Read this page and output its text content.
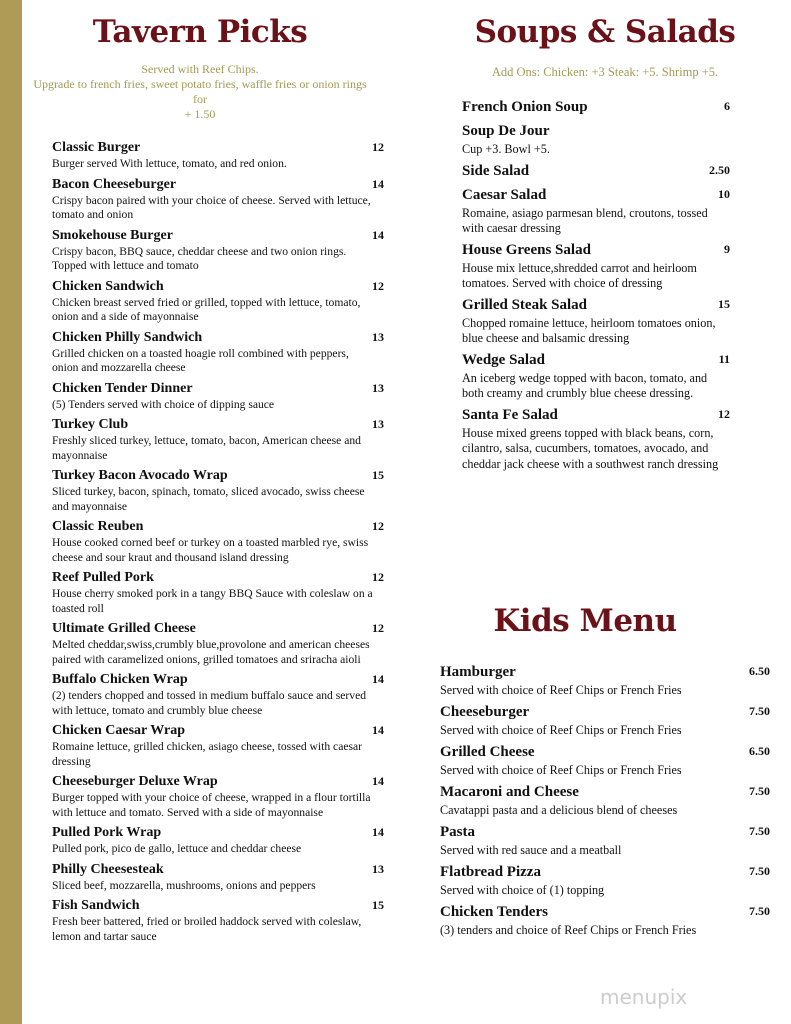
Tavern Picks
Served with Reef Chips.
Upgrade to french fries, sweet potato fries, waffle fries or onion rings for
+ 1.50
Classic Burger	12
Burger served With lettuce, tomato, and red onion.
Bacon Cheeseburger	14
Crispy bacon paired with your choice of cheese. Served with lettuce, tomato and onion
Smokehouse Burger	14
Crispy bacon, BBQ sauce, cheddar cheese and two onion rings. Topped with lettuce and tomato
Chicken Sandwich	12
Chicken breast served fried or grilled, topped with lettuce, tomato, onion and a side of mayonnaise
Chicken Philly Sandwich	13
Grilled chicken on a toasted hoagie roll combined with peppers, onion and mozzarella cheese
Chicken Tender Dinner	13
(5) Tenders served with choice of dipping sauce
Turkey Club	13
Freshly sliced turkey, lettuce, tomato, bacon, American cheese and mayonnaise
Turkey Bacon Avocado Wrap	15
Sliced turkey, bacon, spinach, tomato, sliced avocado, swiss cheese and mayonnaise
Classic Reuben	12
House cooked corned beef or turkey on a toasted marbled rye, swiss cheese and sour kraut and thousand island dressing
Reef Pulled Pork	12
House cherry smoked pork in a tangy BBQ Sauce with coleslaw on a toasted roll
Ultimate Grilled Cheese	12
Melted cheddar,swiss,crumbly blue,provolone and american cheeses paired with caramelized onions, grilled tomatoes and sriracha aioli
Buffalo Chicken Wrap	14
(2) tenders chopped and tossed in medium buffalo sauce and served with lettuce, tomato and crumbly blue cheese
Chicken Caesar Wrap	14
Romaine lettuce, grilled chicken, asiago cheese, tossed with caesar dressing
Cheeseburger Deluxe Wrap	14
Burger topped with your choice of cheese, wrapped in a flour tortilla with lettuce and tomato. Served with a side of mayonnaise
Pulled Pork Wrap	14
Pulled pork, pico de gallo, lettuce and cheddar cheese
Philly Cheesesteak	13
Sliced beef, mozzarella, mushrooms, onions and peppers
Fish Sandwich	15
Fresh beer battered, fried or broiled haddock served with coleslaw, lemon and tartar sauce
Soups & Salads
Add Ons: Chicken: +3 Steak: +5. Shrimp +5.
French Onion Soup	6
Soup De Jour
Cup +3. Bowl +5.
Side Salad	2.50
Caesar Salad	10
Romaine, asiago parmesan blend, croutons, tossed with caesar dressing
House Greens Salad	9
House mix lettuce,shredded carrot and heirloom tomatoes. Served with choice of dressing
Grilled Steak Salad	15
Chopped romaine lettuce, heirloom tomatoes onion, blue cheese and balsamic dressing
Wedge Salad	11
An iceberg wedge topped with bacon, tomato, and both creamy and crumbly blue cheese dressing.
Santa Fe Salad	12
House mixed greens topped with black beans, corn, cilantro, salsa, cucumbers, tomatoes, avocado, and cheddar jack cheese with a southwest ranch dressing
Kids Menu
Hamburger	6.50
Served with choice of Reef Chips or French Fries
Cheeseburger	7.50
Served with choice of Reef Chips or French Fries
Grilled Cheese	6.50
Served with choice of Reef Chips or French Fries
Macaroni and Cheese	7.50
Cavatappi pasta and a delicious blend of cheeses
Pasta	7.50
Served with red sauce and a meatball
Flatbread Pizza	7.50
Served with choice of (1) topping
Chicken Tenders	7.50
(3) tenders and choice of Reef Chips or French Fries
menupix
